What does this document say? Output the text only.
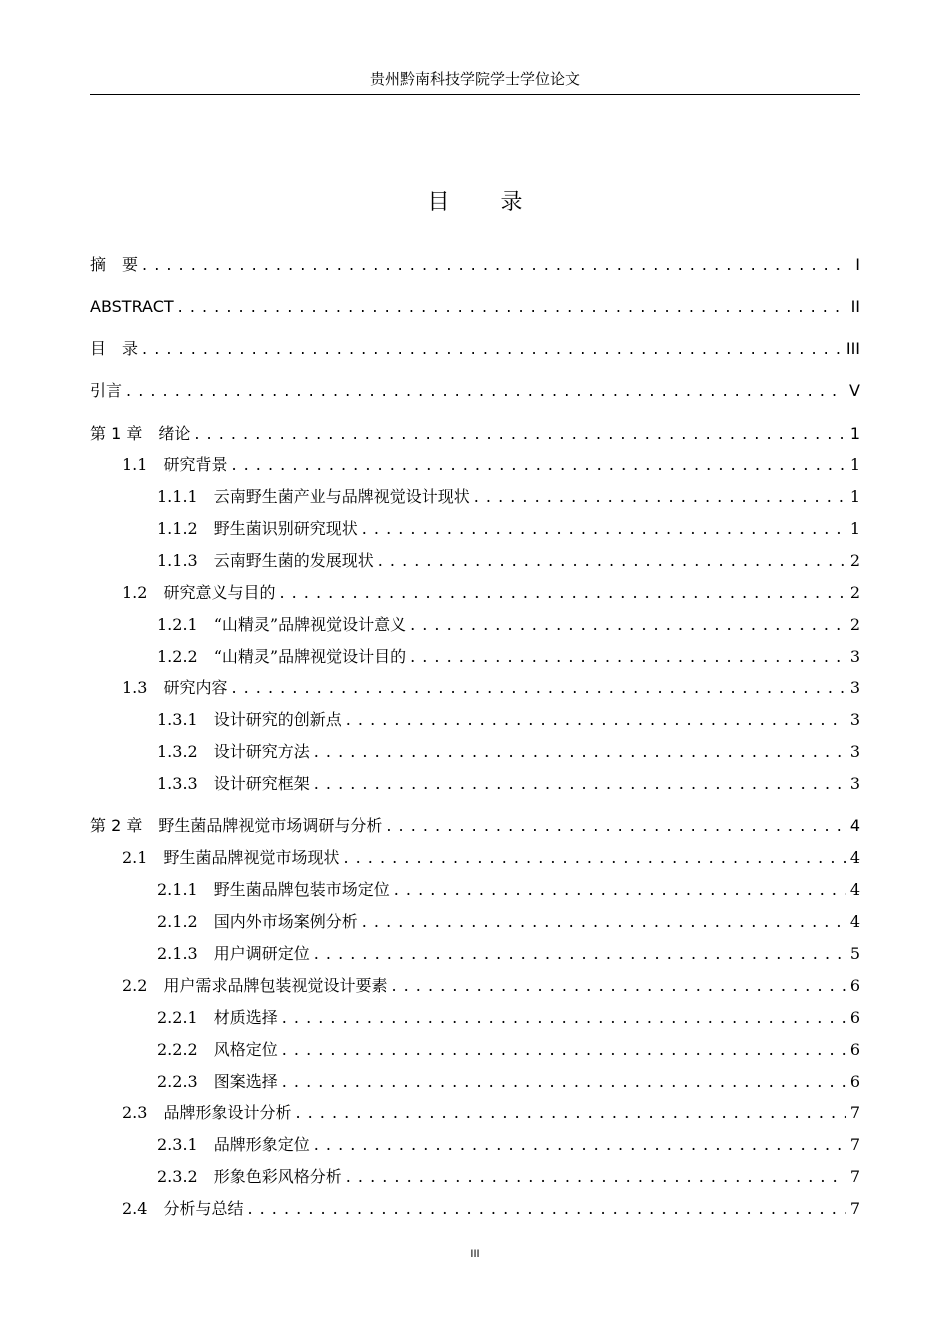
贵州黔南科技学院学士学位论文
目 录
摘　要 . . .	I
ABSTRACT . . .	II
目　录 . . .	III
引言 . . .	V
第 1 章　绪论 . . .	1
1.1　研究背景 . . .	1
1.1.1　云南野生菌产业与品牌视觉设计现状 . . .	1
1.1.2　野生菌识别研究现状 . . .	1
1.1.3　云南野生菌的发展现状 . . .	2
1.2　研究意义与目的 . . .	2
1.2.1　“山精灵”品牌视觉设计意义 . . .	2
1.2.2　“山精灵”品牌视觉设计目的 . . .	3
1.3　研究内容 . . .	3
1.3.1　设计研究的创新点 . . .	3
1.3.2　设计研究方法 . . .	3
1.3.3　设计研究框架 . . .	3
第 2 章　野生菌品牌视觉市场调研与分析 . . .	4
2.1　野生菌品牌视觉市场现状 . . .	4
2.1.1　野生菌品牌包装市场定位 . . .	4
2.1.2　国内外市场案例分析 . . .	4
2.1.3　用户调研定位 . . .	5
2.2　用户需求品牌包装视觉设计要素 . . .	6
2.2.1　材质选择 . . .	6
2.2.2　风格定位 . . .	6
2.2.3　图案选择 . . .	6
2.3　品牌形象设计分析 . . .	7
2.3.1　品牌形象定位 . . .	7
2.3.2　形象色彩风格分析 . . .	7
2.4　分析与总结 . . .	7
III
